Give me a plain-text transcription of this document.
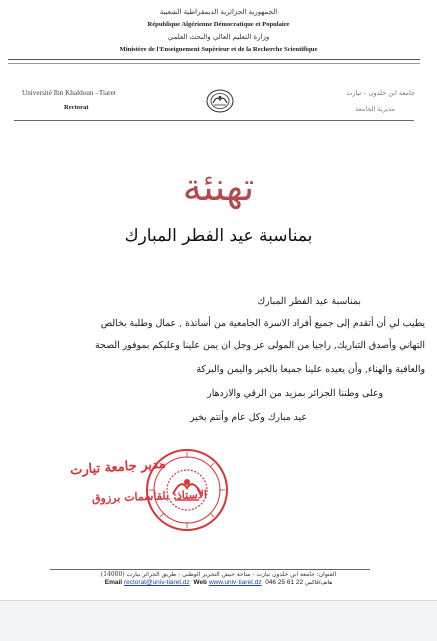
الجمهورية الجزائرية الديمقراطية الشعبية
République Algérienne Démocratique et Populaire
وزارة التعليم العالي والبحث العلمي
Ministère de l'Enseignement Supérieur et de la Recherche Scientifique
Université Ibn Khaldoun –Tiaret
Rectorat
جامعة ابن خلدون – تيارت
مديرية الجامعة
تهنئة
بمناسبة عيد الفطر المبارك
بمناسبة عيد الفطر المبارك
يطيب لي أن أتقدم إلى جميع أفراد الاسرة الجامعية من أساتذة , عمال وطلبة بخالص
التهاني وأصدق التباريك, راجيا من المولى عز وجل ان يمن علينا وعليكم بموفور الصحة
والعافية والهناء, وأن يعيده علينا جميعا بالخير واليمن والبركة
وعلى وطننا الجزائر بمزيد من الرقي والازدهار
عيد مبارك وكل عام وأنتم بخير
مدير جامعة تيارت
الأستاذ: بلقاسمات برزوق
العنوان: جامعة ابن خلدون تيارت - ساحة جيش التحرير الوطني - طريق الجزائر تيارت (14000)
Email rectorat@univ-tiaret.dz Web www.univ-tiaret.dz 046 25 61 22 هاتف/فاكس
